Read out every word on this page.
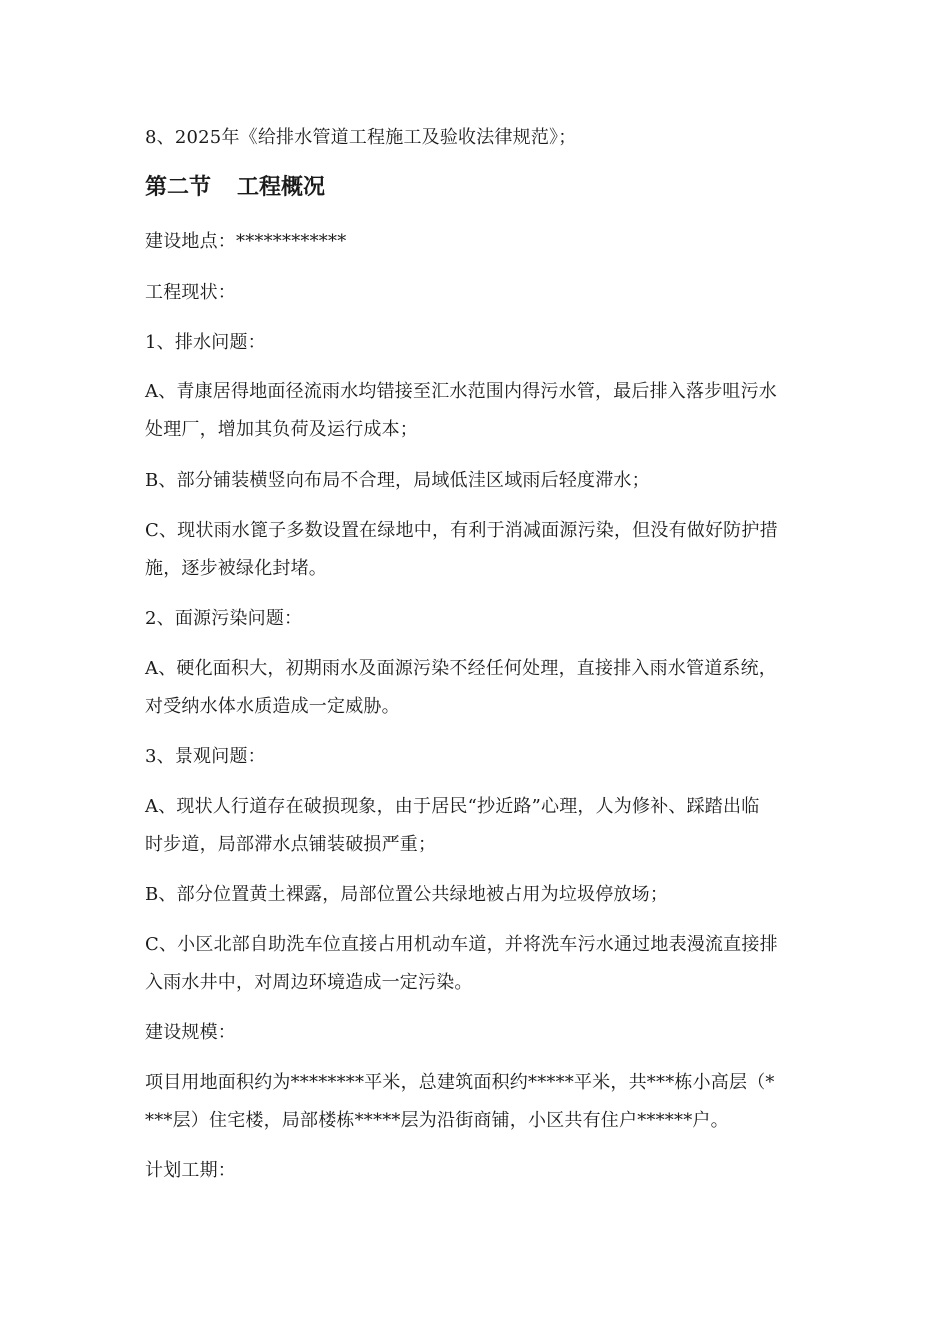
8、2025年《给排水管道工程施工及验收法律规范》；
第二节 工程概况
建设地点：************
工程现状：
1、排水问题：
A、青康居得地面径流雨水均错接至汇水范围内得污水管，最后排入落步咀污水
处理厂，增加其负荷及运行成本；
B、部分铺装横竖向布局不合理，局域低洼区域雨后轻度滞水；
C、现状雨水篦子多数设置在绿地中，有利于消减面源污染，但没有做好防护措
施，逐步被绿化封堵。
2、面源污染问题：
A、硬化面积大，初期雨水及面源污染不经任何处理，直接排入雨水管道系统，
对受纳水体水质造成一定威胁。
3、景观问题：
A、现状人行道存在破损现象，由于居民“抄近路”心理，人为修补、踩踏出临
时步道，局部滞水点铺装破损严重；
B、部分位置黄土裸露，局部位置公共绿地被占用为垃圾停放场；
C、小区北部自助洗车位直接占用机动车道，并将洗车污水通过地表漫流直接排
入雨水井中，对周边环境造成一定污染。
建设规模：
项目用地面积约为********平米，总建筑面积约*****平米，共***栋小高层（*
***层）住宅楼，局部楼栋*****层为沿街商铺，小区共有住户******户。
计划工期：
